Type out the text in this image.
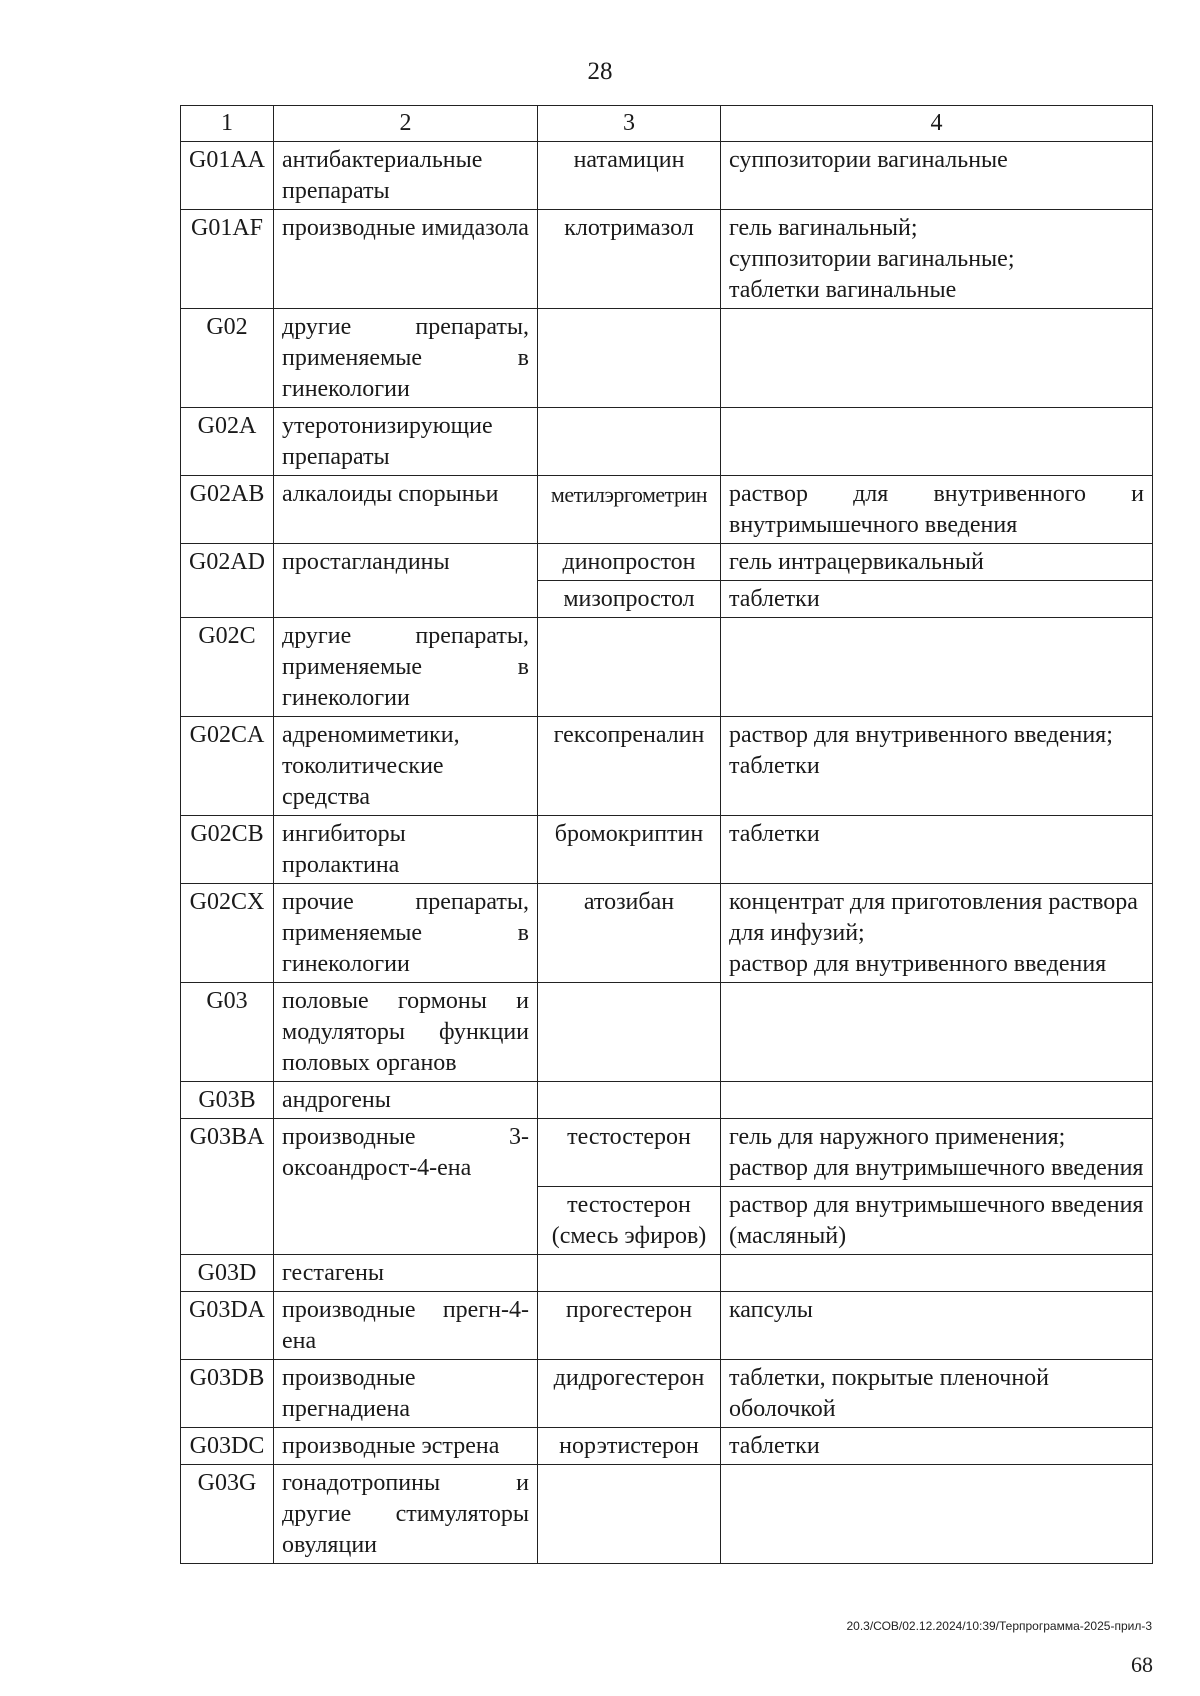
28
1	2	3	4
G01AA	антибактериальные препараты	натамицин	суппозитории вагинальные

G01AF	производные имидазола	клотримазол	гель вагинальный;
суппозитории вагинальные;
таблетки вагинальные

G02	другие препараты, применяемые в гинекологии		
G02A	утеротонизирующие препараты		
G02AB	алкалоиды спорыньи	метилэргометрин	раствор для внутривенного и внутримышечного введения
G02AD	простагландины	динопростон	гель интрацервикальный

		мизопростол	таблетки

G02C	другие препараты, применяемые в гинекологии		
G02CA	адреномиметики, токолитические средства	гексопреналин	раствор для внутривенного введения;
таблетки

G02CB	ингибиторы пролактина	бромокриптин	таблетки

G02CX	прочие препараты, применяемые в гинекологии	атозибан	концентрат для приготовления раствора для инфузий;
раствор для внутривенного введения

G03	половые гормоны и модуляторы функции половых органов		
G03B	андрогены		
G03BA	производные 3-оксоандрост-4-ена	тестостерон	гель для наружного применения;
раствор для внутримышечного введения

		тестостерон (смесь эфиров)	раствор для внутримышечного введения (масляный)

G03D	гестагены		
G03DA	производные прегн-4-ена	прогестерон	капсулы

G03DB	производные прегнадиена	дидрогестерон	таблетки, покрытые пленочной оболочкой

G03DC	производные эстрена	норэтистерон	таблетки

G03G	гонадотропины и другие стимуляторы овуляции		
20.3/СОВ/02.12.2024/10:39/Терпрограмма-2025-прил-3
68
